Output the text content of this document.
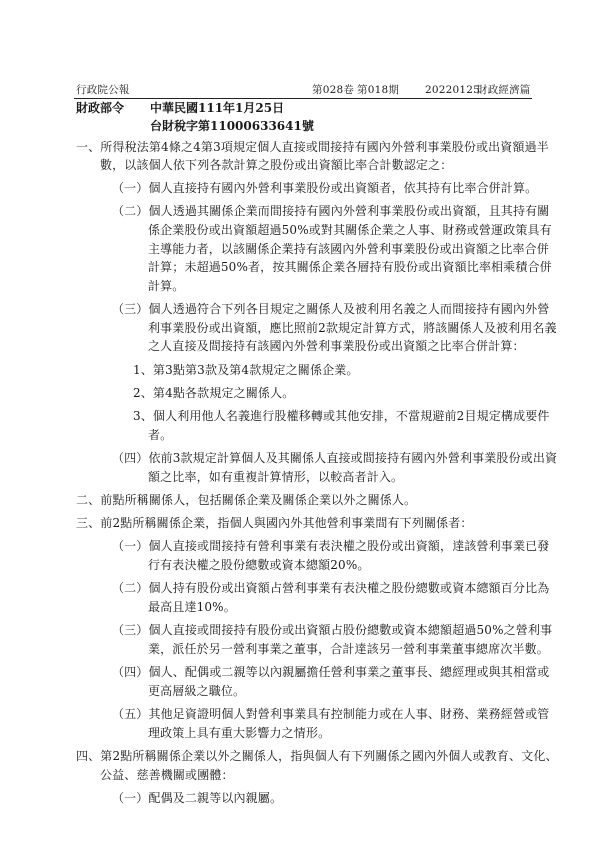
行政院公報	第028卷 第018期 20220125
財政經濟篇
財政部令 中華民國111年1月25日
台財稅字第11000633641號
一、所得稅法第4條之4第3項規定個人直接或間接持有國內外營利事業股份或出資額過半
數，以該個人依下列各款計算之股份或出資額比率合計數認定之：
（一）個人直接持有國內外營利事業股份或出資額者，依其持有比率合併計算。
（二）個人透過其關係企業而間接持有國內外營利事業股份或出資額，且其持有關
係企業股份或出資額超過50%或對其關係企業之人事、財務或營運政策具有
主導能力者，以該關係企業持有該國內外營利事業股份或出資額之比率合併
計算；未超過50%者，按其關係企業各層持有股份或出資額比率相乘積合併
計算。
（三）個人透過符合下列各目規定之關係人及被利用名義之人而間接持有國內外營
利事業股份或出資額，應比照前2款規定計算方式，將該關係人及被利用名義
之人直接及間接持有該國內外營利事業股份或出資額之比率合併計算：
1、第3點第3款及第4款規定之關係企業。
2、第4點各款規定之關係人。
3、個人利用他人名義進行股權移轉或其他安排，不當規避前2目規定構成要件
者。
（四）依前3款規定計算個人及其關係人直接或間接持有國內外營利事業股份或出資
額之比率，如有重複計算情形，以較高者計入。
二、前點所稱關係人，包括關係企業及關係企業以外之關係人。
三、前2點所稱關係企業，指個人與國內外其他營利事業間有下列關係者：
（一）個人直接或間接持有營利事業有表決權之股份或出資額，達該營利事業已發
行有表決權之股份總數或資本總額20%。
（二）個人持有股份或出資額占營利事業有表決權之股份總數或資本總額百分比為
最高且達10%。
（三）個人直接或間接持有股份或出資額占股份總數或資本總額超過50%之營利事
業，派任於另一營利事業之董事，合計達該另一營利事業董事總席次半數。
（四）個人、配偶或二親等以內親屬擔任營利事業之董事長、總經理或與其相當或
更高層級之職位。
（五）其他足資證明個人對營利事業具有控制能力或在人事、財務、業務經營或管
理政策上具有重大影響力之情形。
四、第2點所稱關係企業以外之關係人，指與個人有下列關係之國內外個人或教育、文化、
公益、慈善機關或團體：
（一）配偶及二親等以內親屬。
